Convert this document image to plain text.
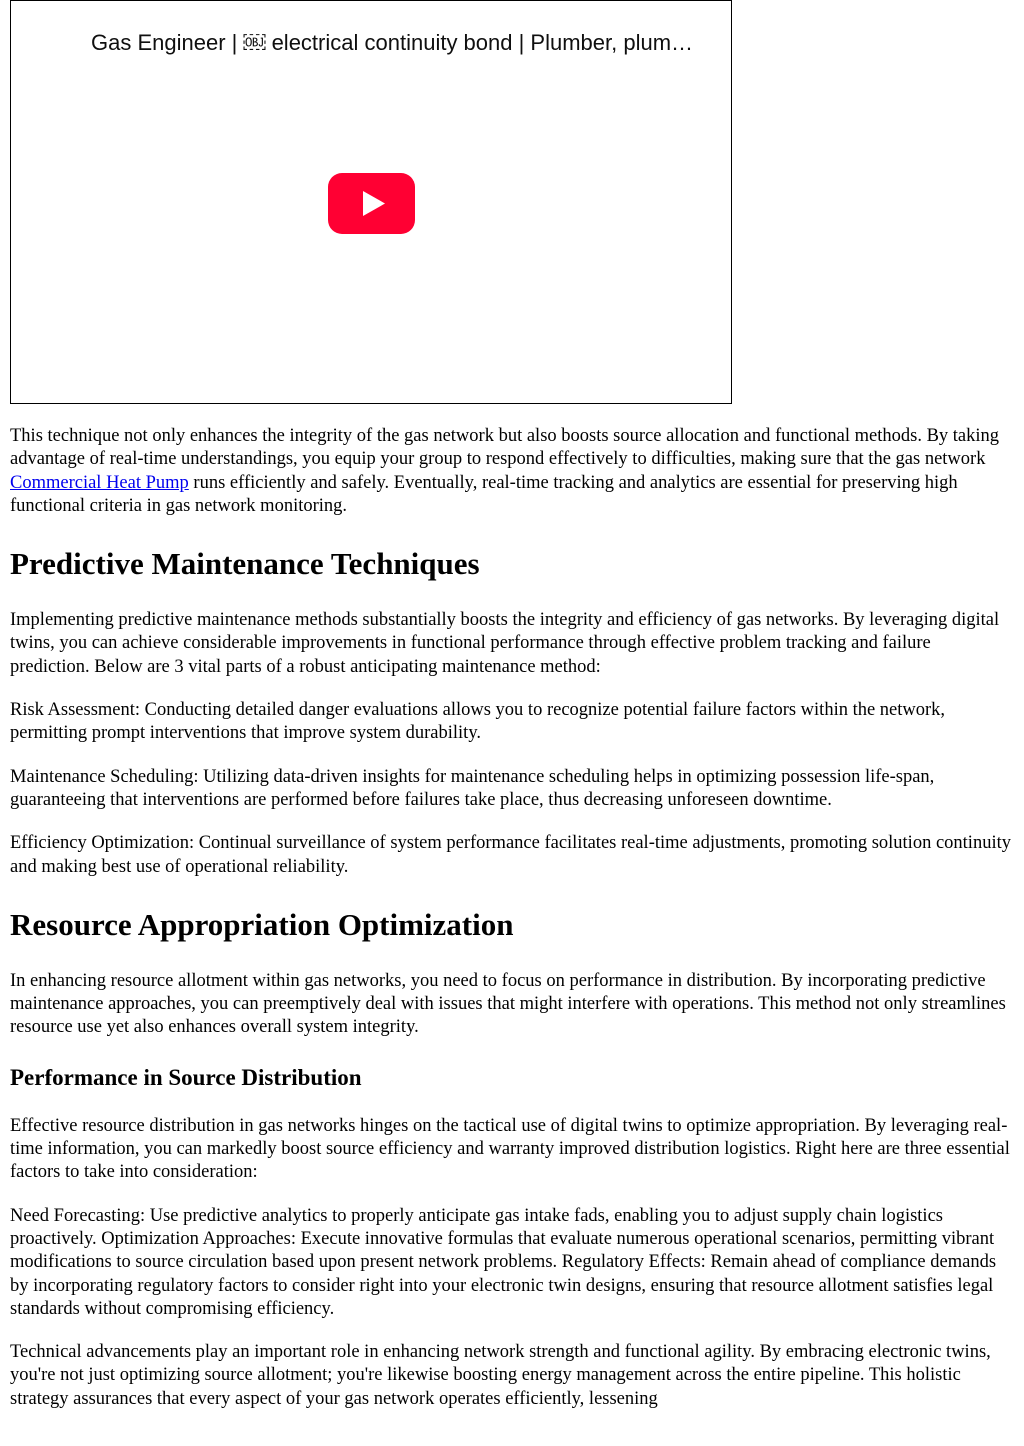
Gas Engineer | ￼ electrical continuity bond | Plumber, plum…

This technique not only enhances the integrity of the gas network but also boosts source allocation and functional methods. By taking advantage of real-time understandings, you equip your group to respond effectively to difficulties, making sure that the gas network Commercial Heat Pump runs efficiently and safely. Eventually, real-time tracking and analytics are essential for preserving high functional criteria in gas network monitoring.

Predictive Maintenance Techniques

Implementing predictive maintenance methods substantially boosts the integrity and efficiency of gas networks. By leveraging digital twins, you can achieve considerable improvements in functional performance through effective problem tracking and failure prediction. Below are 3 vital parts of a robust anticipating maintenance method:

Risk Assessment: Conducting detailed danger evaluations allows you to recognize potential failure factors within the network, permitting prompt interventions that improve system durability.

Maintenance Scheduling: Utilizing data-driven insights for maintenance scheduling helps in optimizing possession life-span, guaranteeing that interventions are performed before failures take place, thus decreasing unforeseen downtime.

Efficiency Optimization: Continual surveillance of system performance facilitates real-time adjustments, promoting solution continuity and making best use of operational reliability.

Resource Appropriation Optimization

In enhancing resource allotment within gas networks, you need to focus on performance in distribution. By incorporating predictive maintenance approaches, you can preemptively deal with issues that might interfere with operations. This method not only streamlines resource use yet also enhances overall system integrity.

Performance in Source Distribution

Effective resource distribution in gas networks hinges on the tactical use of digital twins to optimize appropriation. By leveraging real-time information, you can markedly boost source efficiency and warranty improved distribution logistics. Right here are three essential factors to take into consideration:

Need Forecasting: Use predictive analytics to properly anticipate gas intake fads, enabling you to adjust supply chain logistics proactively. Optimization Approaches: Execute innovative formulas that evaluate numerous operational scenarios, permitting vibrant modifications to source circulation based upon present network problems. Regulatory Effects: Remain ahead of compliance demands by incorporating regulatory factors to consider right into your electronic twin designs, ensuring that resource allotment satisfies legal standards without compromising efficiency.

Technical advancements play an important role in enhancing network strength and functional agility. By embracing electronic twins, you're not just optimizing source allotment; you're likewise boosting energy management across the entire pipeline. This holistic strategy assurances that every aspect of your gas network operates efficiently, lessening
